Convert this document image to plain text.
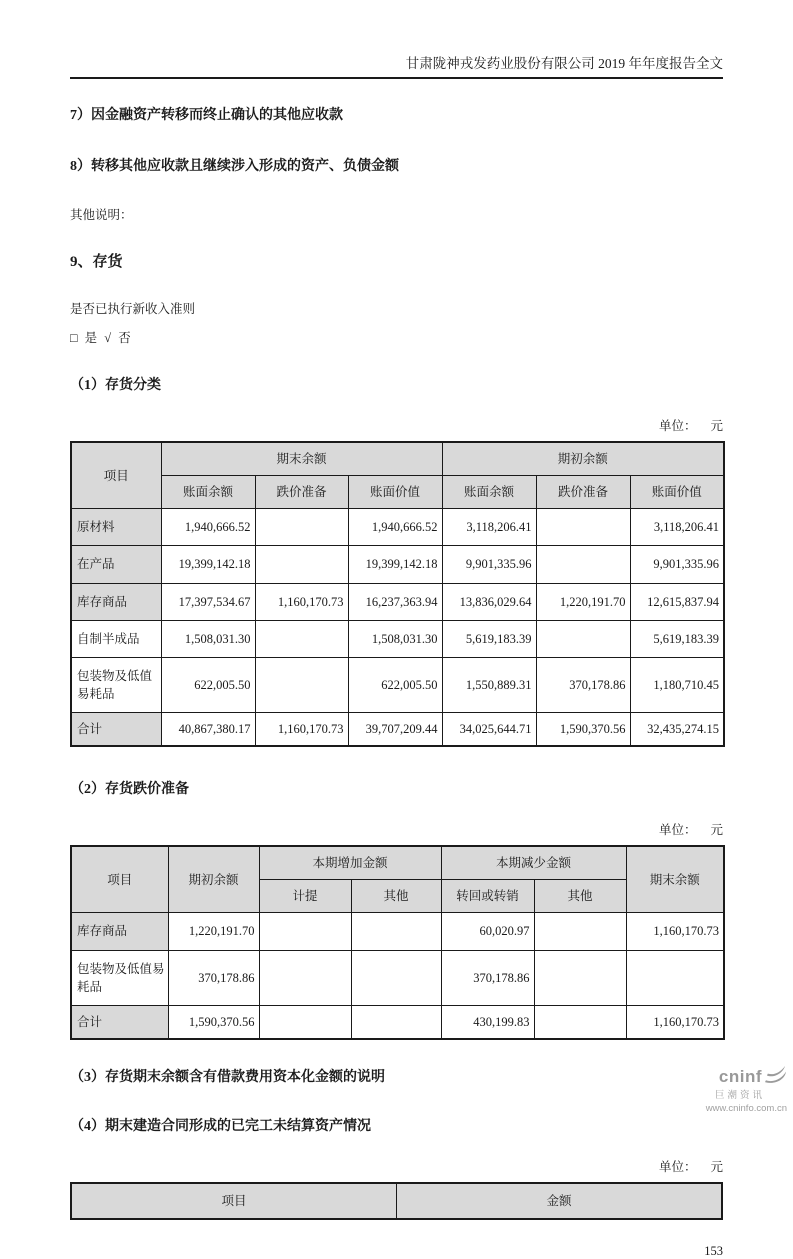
甘肃陇神戎发药业股份有限公司 2019 年年度报告全文

7）因金融资产转移而终止确认的其他应收款

8）转移其他应收款且继续涉入形成的资产、负债金额

其他说明：

9、存货

是否已执行新收入准则

□ 是 √ 否

（1）存货分类

单位： 元
项目	期末余额			期初余额		
	账面余额	跌价准备	账面价值	账面余额	跌价准备	账面价值
原材料	1,940,666.52		1,940,666.52	3,118,206.41		3,118,206.41
在产品	19,399,142.18		19,399,142.18	9,901,335.96		9,901,335.96
库存商品	17,397,534.67	1,160,170.73	16,237,363.94	13,836,029.64	1,220,191.70	12,615,837.94
自制半成品	1,508,031.30		1,508,031.30	5,619,183.39		5,619,183.39
包装物及低值易耗品	622,005.50		622,005.50	1,550,889.31	370,178.86	1,180,710.45
合计	40,867,380.17	1,160,170.73	39,707,209.44	34,025,644.71	1,590,370.56	32,435,274.15

（2）存货跌价准备

单位： 元
项目	期初余额	本期增加金额		本期减少金额		期末余额
		计提	其他	转回或转销	其他	
库存商品	1,220,191.70			60,020.97		1,160,170.73
包装物及低值易耗品	370,178.86			370,178.86		
合计	1,590,370.56			430,199.83		1,160,170.73

（3）存货期末余额含有借款费用资本化金额的说明

（4）期末建造合同形成的已完工未结算资产情况

单位： 元
项目	金额
153
cninf
巨潮资讯
www.cninfo.com.cn
